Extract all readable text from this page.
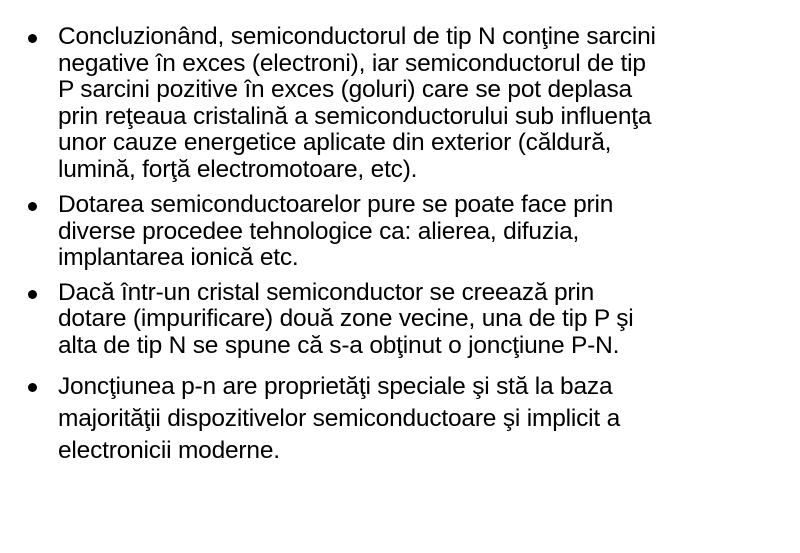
Concluzionând, semiconductorul de tip N conţine sarcini
negative în exces (electroni), iar semiconductorul de tip
P sarcini pozitive în exces (goluri) care se pot deplasa
prin reţeaua cristalină a semiconductorului sub influenţa
unor cauze energetice aplicate din exterior (căldură,
lumină, forţă electromotoare, etc).
Dotarea semiconductoarelor pure se poate face prin
diverse procedee tehnologice ca: alierea, difuzia,
implantarea ionică etc.
Dacă într-un cristal semiconductor se creează prin
dotare (impurificare) două zone vecine, una de tip P şi
alta de tip N se spune că s-a obţinut o joncţiune P-N.
Joncţiunea p-n are proprietăţi speciale şi stă la baza
majorităţii dispozitivelor semiconductoare şi implicit a
electronicii moderne.
